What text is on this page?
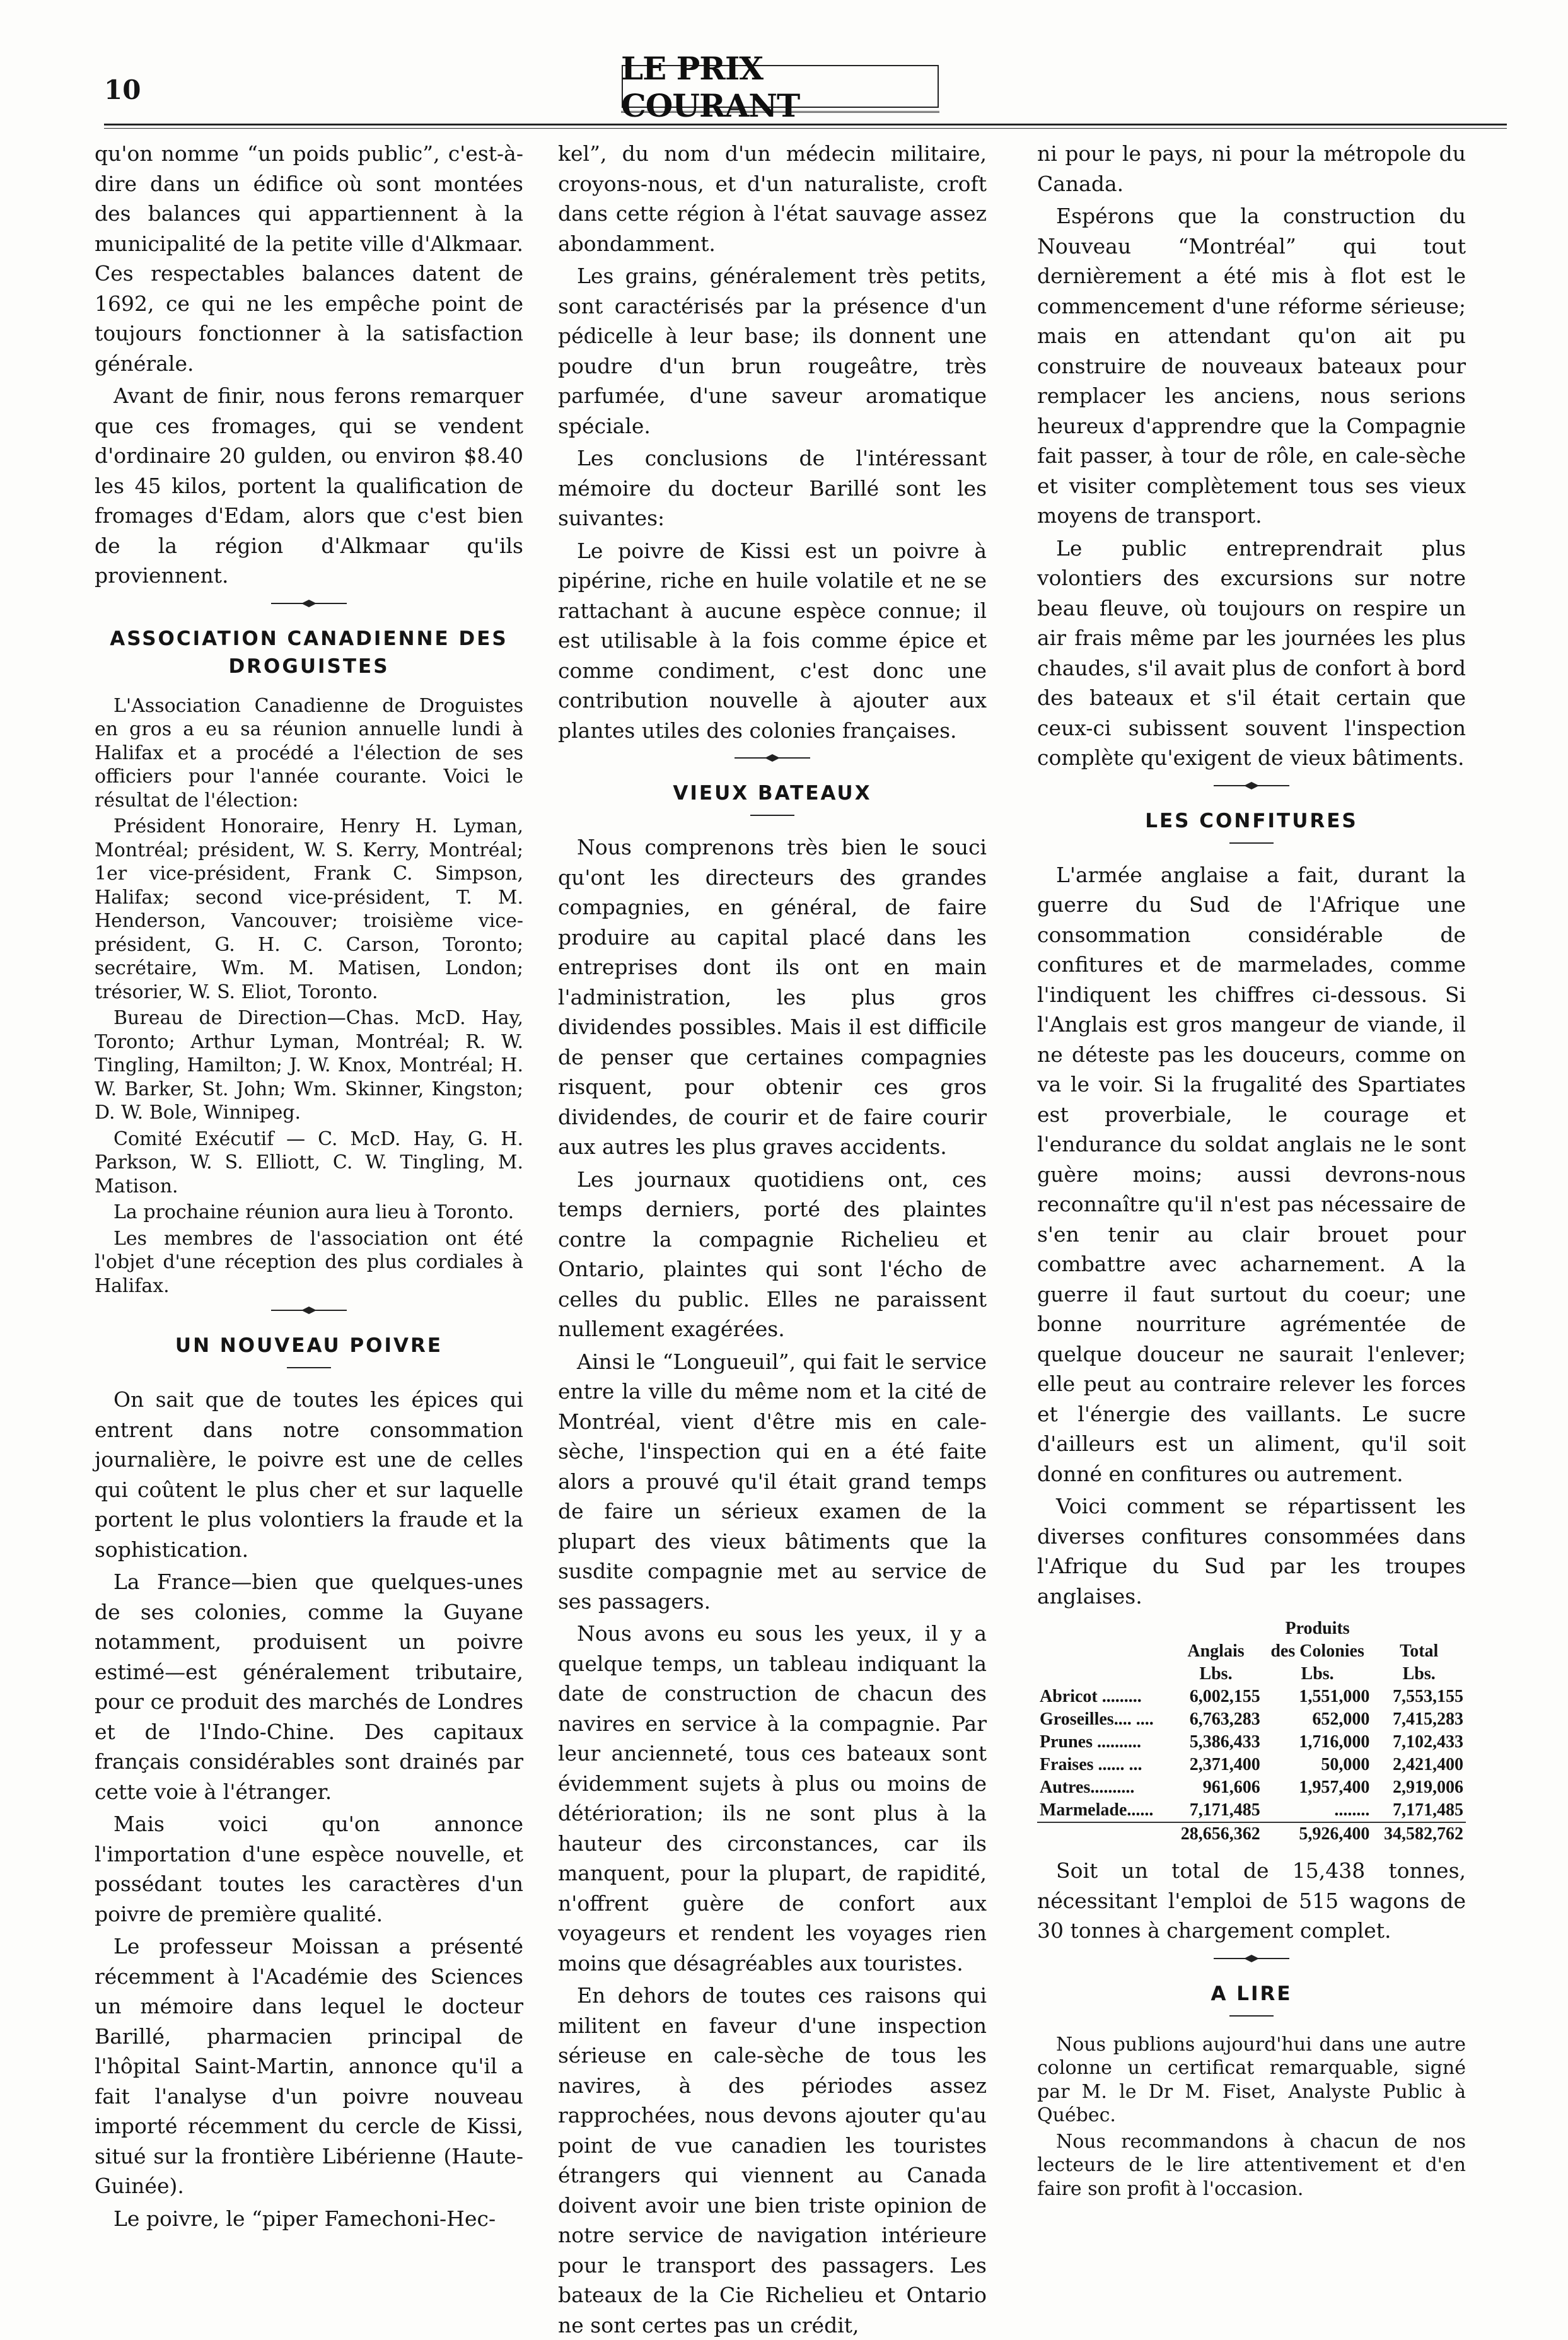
10
LE PRIX COURANT

qu'on nomme “un poids public”, c'est-à-dire dans un édifice où sont montées des balances qui appartiennent à la municipalité de la petite ville d'Alkmaar. Ces respectables balances datent de 1692, ce qui ne les empêche point de toujours fonctionner à la satisfaction générale.

Avant de finir, nous ferons remarquer que ces fromages, qui se vendent d'ordinaire 20 gulden, ou environ $8.40 les 45 kilos, portent la qualification de fromages d'Edam, alors que c'est bien de la région d'Alkmaar qu'ils proviennent.

ASSOCIATION CANADIENNE DES DROGUISTES

L'Association Canadienne de Droguistes en gros a eu sa réunion annuelle lundi à Halifax et a procédé a l'élection de ses officiers pour l'année courante. Voici le résultat de l'élection:

Président Honoraire, Henry H. Lyman, Montréal; président, W. S. Kerry, Montréal; 1er vice-président, Frank C. Simpson, Halifax; second vice-président, T. M. Henderson, Vancouver; troisième vice-président, G. H. C. Carson, Toronto; secrétaire, Wm. M. Matisen, London; trésorier, W. S. Eliot, Toronto.

Bureau de Direction—Chas. McD. Hay, Toronto; Arthur Lyman, Montréal; R. W. Tingling, Hamilton; J. W. Knox, Montréal; H. W. Barker, St. John; Wm. Skinner, Kingston; D. W. Bole, Winnipeg.

Comité Exécutif — C. McD. Hay, G. H. Parkson, W. S. Elliott, C. W. Tingling, M. Matison.

La prochaine réunion aura lieu à Toronto.

Les membres de l'association ont été l'objet d'une réception des plus cordiales à Halifax.

UN NOUVEAU POIVRE

On sait que de toutes les épices qui entrent dans notre consommation journalière, le poivre est une de celles qui coûtent le plus cher et sur laquelle portent le plus volontiers la fraude et la sophistication.

La France—bien que quelques-unes de ses colonies, comme la Guyane notamment, produisent un poivre estimé—est généralement tributaire, pour ce produit des marchés de Londres et de l'Indo-Chine. Des capitaux français considérables sont drainés par cette voie à l'étranger.

Mais voici qu'on annonce l'importation d'une espèce nouvelle, et possédant toutes les caractères d'un poivre de première qualité.

Le professeur Moissan a présenté récemment à l'Académie des Sciences un mémoire dans lequel le docteur Barillé, pharmacien principal de l'hôpital Saint-Martin, annonce qu'il a fait l'analyse d'un poivre nouveau importé récemment du cercle de Kissi, situé sur la frontière Libérienne (Haute-Guinée).

Le poivre, le “piper Famechoni-Hec-

kel”, du nom d'un médecin militaire, croyons-nous, et d'un naturaliste, croft dans cette région à l'état sauvage assez abondamment.

Les grains, généralement très petits, sont caractérisés par la présence d'un pédicelle à leur base; ils donnent une poudre d'un brun rougeâtre, très parfumée, d'une saveur aromatique spéciale.

Les conclusions de l'intéressant mémoire du docteur Barillé sont les suivantes:

Le poivre de Kissi est un poivre à pipérine, riche en huile volatile et ne se rattachant à aucune espèce connue; il est utilisable à la fois comme épice et comme condiment, c'est donc une contribution nouvelle à ajouter aux plantes utiles des colonies françaises.

VIEUX BATEAUX

Nous comprenons très bien le souci qu'ont les directeurs des grandes compagnies, en général, de faire produire au capital placé dans les entreprises dont ils ont en main l'administration, les plus gros dividendes possibles. Mais il est difficile de penser que certaines compagnies risquent, pour obtenir ces gros dividendes, de courir et de faire courir aux autres les plus graves accidents.

Les journaux quotidiens ont, ces temps derniers, porté des plaintes contre la compagnie Richelieu et Ontario, plaintes qui sont l'écho de celles du public. Elles ne paraissent nullement exagérées.

Ainsi le “Longueuil”, qui fait le service entre la ville du même nom et la cité de Montréal, vient d'être mis en cale-sèche, l'inspection qui en a été faite alors a prouvé qu'il était grand temps de faire un sérieux examen de la plupart des vieux bâtiments que la susdite compagnie met au service de ses passagers.

Nous avons eu sous les yeux, il y a quelque temps, un tableau indiquant la date de construction de chacun des navires en service à la compagnie. Par leur ancienneté, tous ces bateaux sont évidemment sujets à plus ou moins de détérioration; ils ne sont plus à la hauteur des circonstances, car ils manquent, pour la plupart, de rapidité, n'offrent guère de confort aux voyageurs et rendent les voyages rien moins que désagréables aux touristes.

En dehors de toutes ces raisons qui militent en faveur d'une inspection sérieuse en cale-sèche de tous les navires, à des périodes assez rapprochées, nous devons ajouter qu'au point de vue canadien les touristes étrangers qui viennent au Canada doivent avoir une bien triste opinion de notre service de navigation intérieure pour le transport des passagers. Les bateaux de la Cie Richelieu et Ontario ne sont certes pas un crédit,

ni pour le pays, ni pour la métropole du Canada.

Espérons que la construction du Nouveau “Montréal” qui tout dernièrement a été mis à flot est le commencement d'une réforme sérieuse; mais en attendant qu'on ait pu construire de nouveaux bateaux pour remplacer les anciens, nous serions heureux d'apprendre que la Compagnie fait passer, à tour de rôle, en cale-sèche et visiter complètement tous ses vieux moyens de transport.

Le public entreprendrait plus volontiers des excursions sur notre beau fleuve, où toujours on respire un air frais même par les journées les plus chaudes, s'il avait plus de confort à bord des bateaux et s'il était certain que ceux-ci subissent souvent l'inspection complète qu'exigent de vieux bâtiments.

LES CONFITURES

L'armée anglaise a fait, durant la guerre du Sud de l'Afrique une consommation considérable de confitures et de marmelades, comme l'indiquent les chiffres ci-dessous. Si l'Anglais est gros mangeur de viande, il ne déteste pas les douceurs, comme on va le voir. Si la frugalité des Spartiates est proverbiale, le courage et l'endurance du soldat anglais ne le sont guère moins; aussi devrons-nous reconnaître qu'il n'est pas nécessaire de s'en tenir au clair brouet pour combattre avec acharnement. A la guerre il faut surtout du coeur; une bonne nourriture agrémentée de quelque douceur ne saurait l'enlever; elle peut au contraire relever les forces et l'énergie des vaillants. Le sucre d'ailleurs est un aliment, qu'il soit donné en confitures ou autrement.

Voici comment se répartissent les diverses confitures consommées dans l'Afrique du Sud par les troupes anglaises.

	Produits		
	Anglais	des Colonies	Total
	Lbs.	Lbs.	Lbs.
Abricot .........	6,002,155	1,551,000	7,553,155
Groseilles.... ....	6,763,283	652,000	7,415,283
Prunes ..........	5,386,433	1,716,000	7,102,433
Fraises ...... ...	2,371,400	50,000	2,421,400
Autres..........	961,606	1,957,400	2,919,006
Marmelade......	7,171,485	........	7,171,485
	28,656,362	5,926,400	34,582,762

Soit un total de 15,438 tonnes, nécessitant l'emploi de 515 wagons de 30 tonnes à chargement complet.

A LIRE

Nous publions aujourd'hui dans une autre colonne un certificat remarquable, signé par M. le Dr M. Fiset, Analyste Public à Québec.

Nous recommandons à chacun de nos lecteurs de le lire attentivement et d'en faire son profit à l'occasion.
